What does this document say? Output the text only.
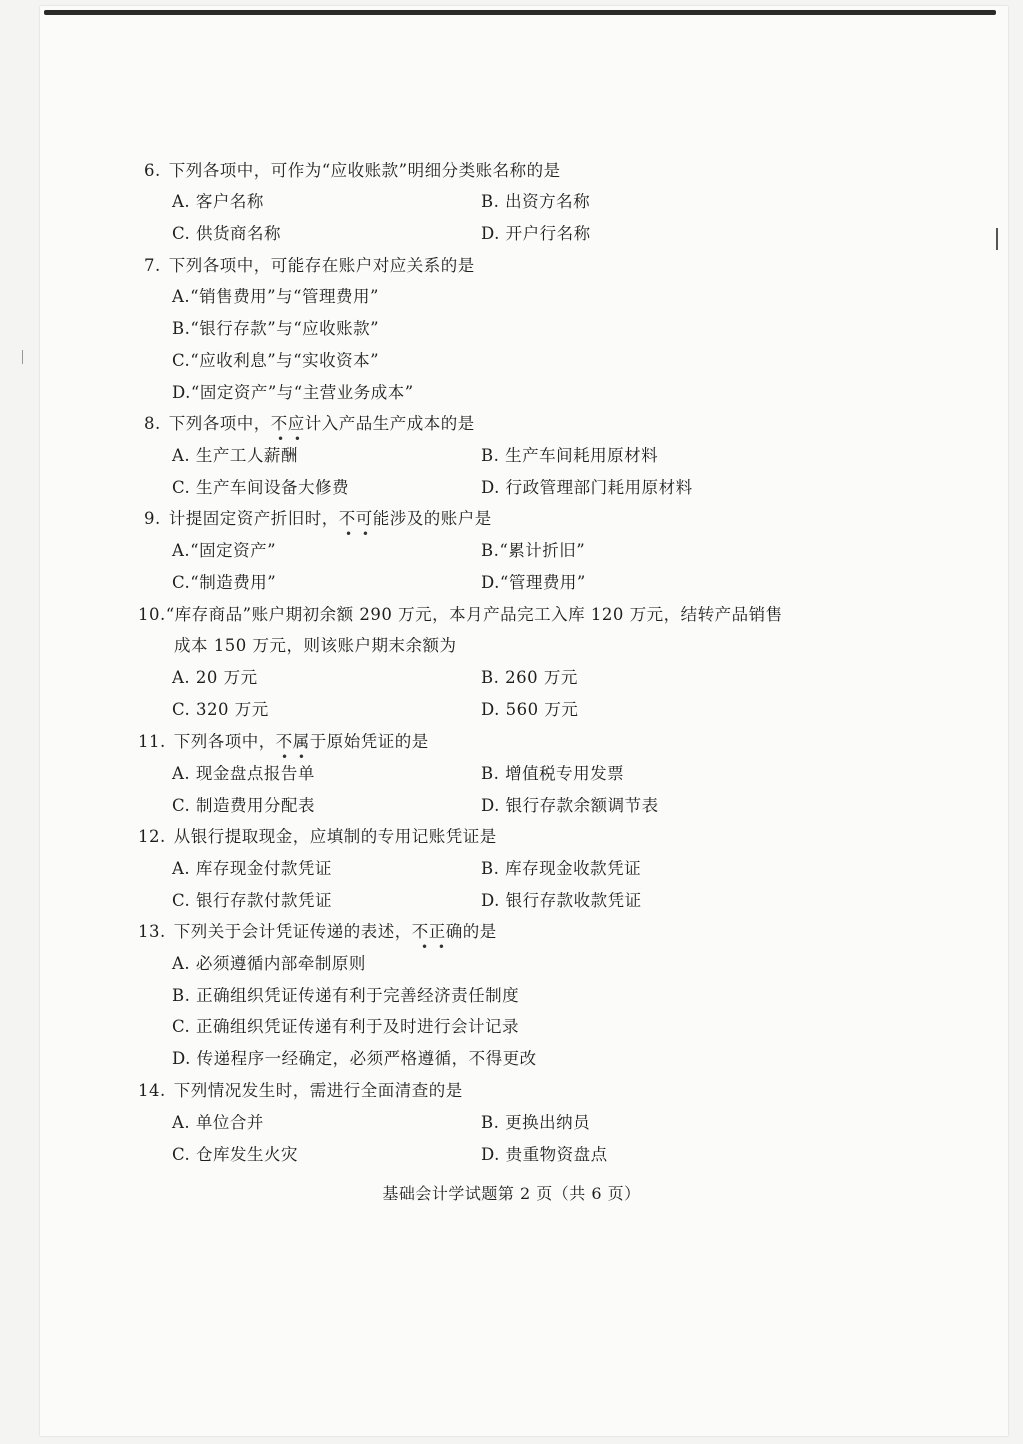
6. 下列各项中，可作为“应收账款”明细分类账名称的是
A. 客户名称	B. 出资方名称
C. 供货商名称	D. 开户行名称
7. 下列各项中，可能存在账户对应关系的是
A.“销售费用”与“管理费用”
B.“银行存款”与“应收账款”
C.“应收利息”与“实收资本”
D.“固定资产”与“主营业务成本”
8. 下列各项中，不应计入产品生产成本的是
• •
A. 生产工人薪酬	B. 生产车间耗用原材料
C. 生产车间设备大修费	D. 行政管理部门耗用原材料
9. 计提固定资产折旧时，不可能涉及的账户是
• •
A.“固定资产”	B.“累计折旧”
C.“制造费用”	D.“管理费用”
10.“库存商品”账户期初余额 290 万元，本月产品完工入库 120 万元，结转产品销售
成本 150 万元，则该账户期末余额为
A. 20 万元	B. 260 万元
C. 320 万元	D. 560 万元
11. 下列各项中，不属于原始凭证的是
• •
A. 现金盘点报告单	B. 增值税专用发票
C. 制造费用分配表	D. 银行存款余额调节表
12. 从银行提取现金，应填制的专用记账凭证是
A. 库存现金付款凭证	B. 库存现金收款凭证
C. 银行存款付款凭证	D. 银行存款收款凭证
13. 下列关于会计凭证传递的表述，不正确的是
• •
A. 必须遵循内部牵制原则
B. 正确组织凭证传递有利于完善经济责任制度
C. 正确组织凭证传递有利于及时进行会计记录
D. 传递程序一经确定，必须严格遵循，不得更改
14. 下列情况发生时，需进行全面清查的是
A. 单位合并	B. 更换出纳员
C. 仓库发生火灾	D. 贵重物资盘点
基础会计学试题第 2 页（共 6 页）
